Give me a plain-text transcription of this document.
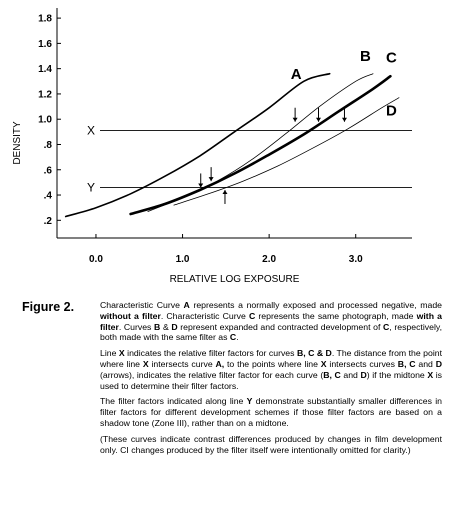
.2
.4
.6
.8
1.0
1.2
1.4
1.6
1.8
0.0	1.0	2.0	3.0
RELATIVE LOG EXPOSURE
DENSITY	X
Y
A
B C
D
Figure 2.	Characteristic Curve A represents a normally exposed and processed negative, made without a filter. Characteristic Curve C represents the same photograph, made with a filter. Curves B & D represent expanded and contracted development of C, respectively, both made with the same filter as C.

Line X indicates the relative filter factors for curves B, C & D. The distance from the point where line X intersects curve A, to the points where line X intersects curves B, C and D (arrows), indicates the relative filter factor for each curve (B, C and D) if the midtone X is used to determine their filter factors.

The filter factors indicated along line Y demonstrate substantially smaller differences in filter factors for different development schemes if those filter factors are based on a shadow tone (Zone III), rather than on a midtone.

(These curves indicate contrast differences produced by changes in film development only. CI changes produced by the filter itself were intentionally omitted for clarity.)
